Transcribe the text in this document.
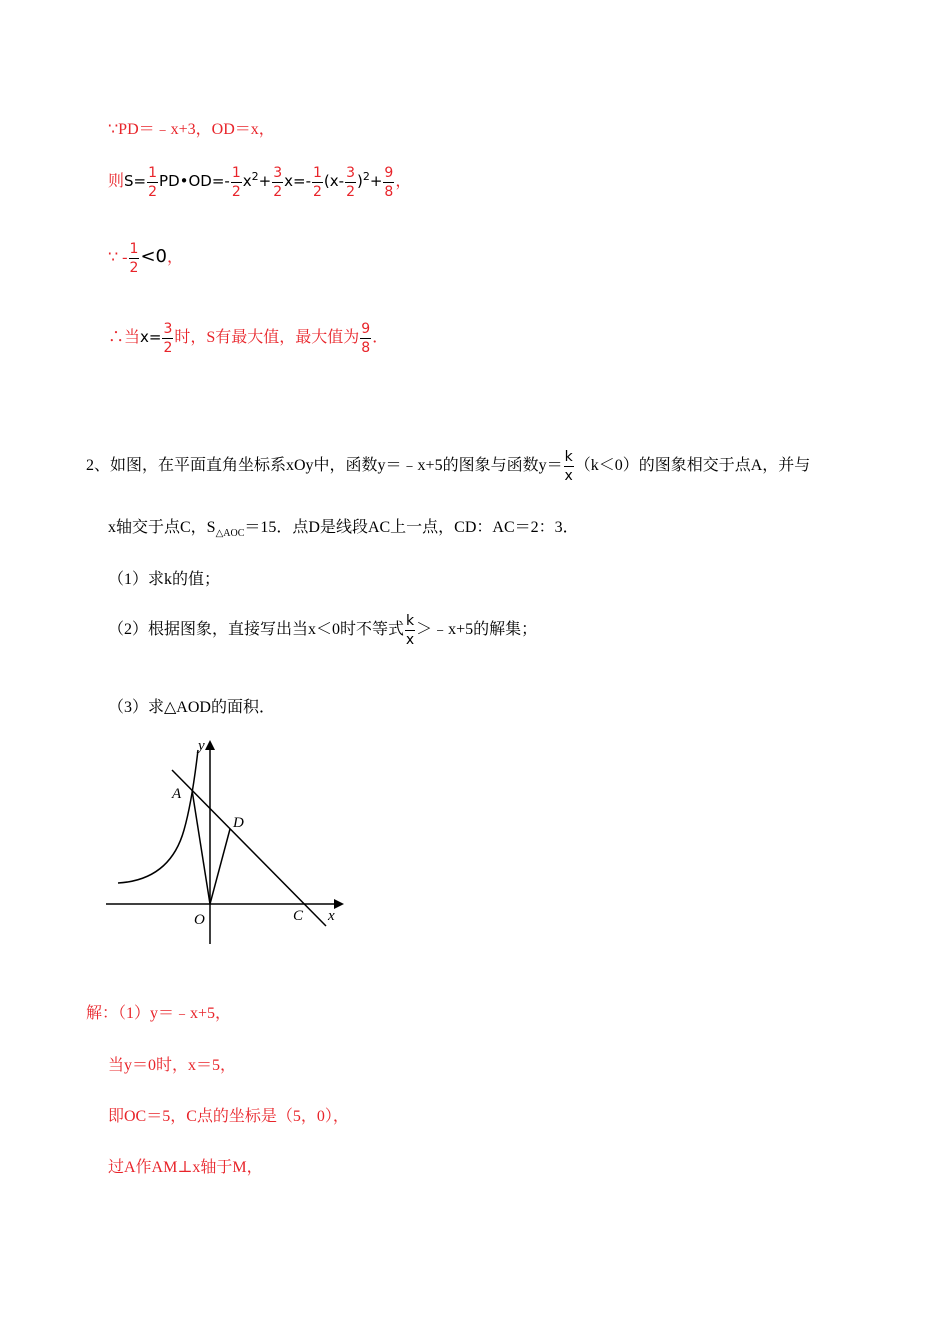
∵PD＝﹣x+3，OD＝x，
则$S= \frac{1}{2}$ PD•OD=- $\frac{1}{2} x^2+ \frac{3}{2} x=- \frac{1}{2} (x- \frac{3}{2} )^2+ \frac{9}{8}$ ，
∵ - $\frac{1}{2} <0$，
∴当$x= \frac{3}{2}$ 时，S有最大值，最大值为 $\frac{9}{8}$ ．
2、如图，在平面直角坐标系xOy中，函数y＝﹣x+5的图象与函数$y= \frac{k}{x} (k<0)$的图象相交于点A，并与
x轴交于点C，$S_{\triangle AOC}=15$．点D是线段AC上一点，CD：AC＝2：3．
（1）求k的值；
（2）根据图象，直接写出当x＜0时不等式 $\frac{k}{x}$ ＞﹣x+5的解集；
（3）求△AOD的面积．
y
x
A
D
O	C
解：（1）y＝﹣x+5，
当y＝0时，x＝5，
即OC＝5，C点的坐标是（5，0），
过A作AM⊥x轴于M，
